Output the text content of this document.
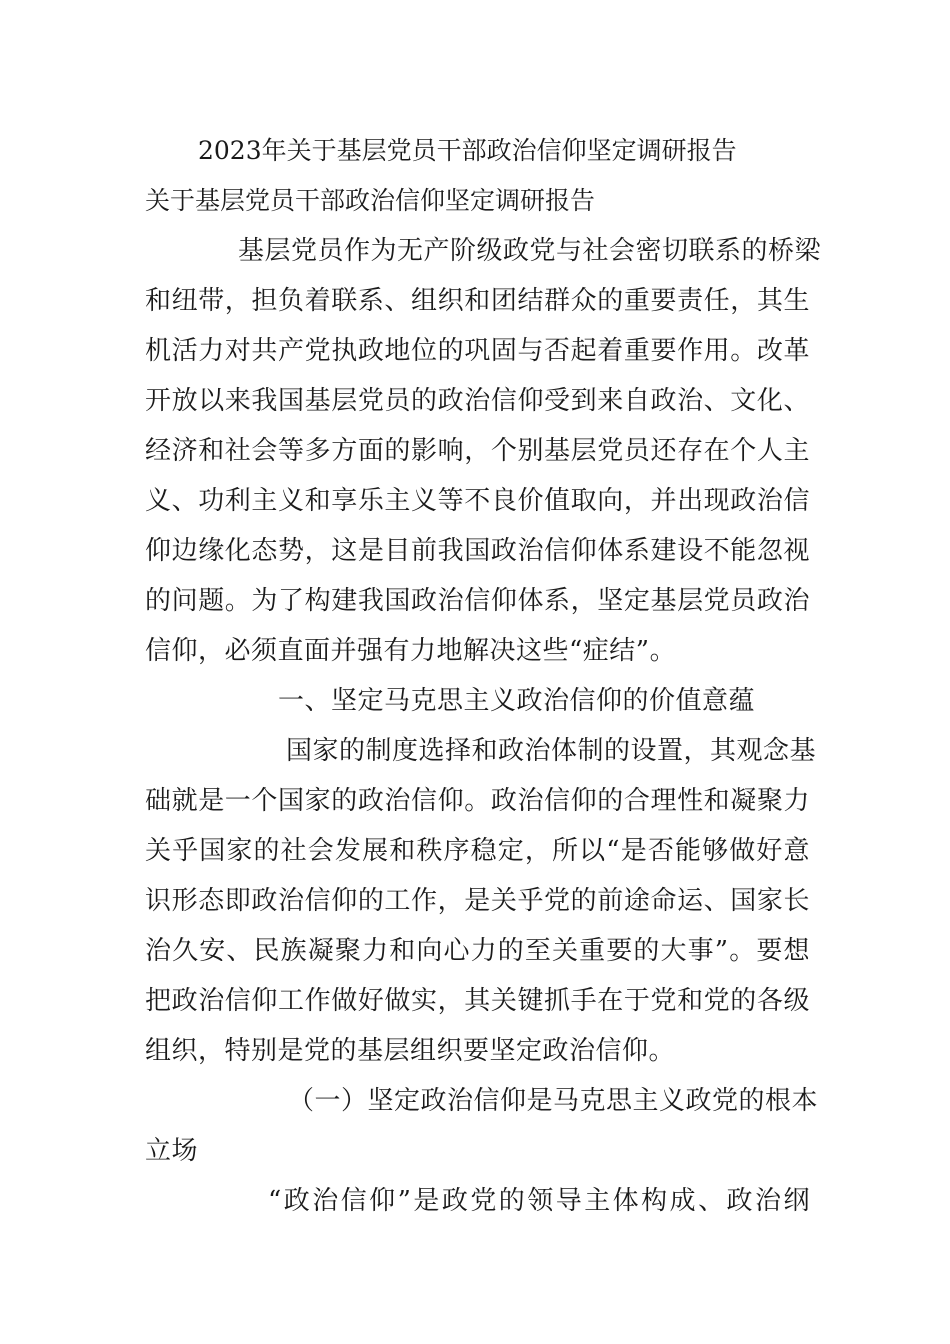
2023年关于基层党员干部政治信仰坚定调研报告
关于基层党员干部政治信仰坚定调研报告
基层党员作为无产阶级政党与社会密切联系的桥梁
和纽带，担负着联系、组织和团结群众的重要责任，其生
机活力对共产党执政地位的巩固与否起着重要作用。改革
开放以来我国基层党员的政治信仰受到来自政治、文化、
经济和社会等多方面的影响，个别基层党员还存在个人主
义、功利主义和享乐主义等不良价值取向，并出现政治信
仰边缘化态势，这是目前我国政治信仰体系建设不能忽视
的问题。为了构建我国政治信仰体系，坚定基层党员政治
信仰，必须直面并强有力地解决这些“症结”。
一、坚定马克思主义政治信仰的价值意蕴
国家的制度选择和政治体制的设置，其观念基
础就是一个国家的政治信仰。政治信仰的合理性和凝聚力
关乎国家的社会发展和秩序稳定，所以“是否能够做好意
识形态即政治信仰的工作，是关乎党的前途命运、国家长
治久安、民族凝聚力和向心力的至关重要的大事”。要想
把政治信仰工作做好做实，其关键抓手在于党和党的各级
组织，特别是党的基层组织要坚定政治信仰。
（一）坚定政治信仰是马克思主义政党的根本
立场
“政治信仰”是政党的领导主体构成、政治纲
